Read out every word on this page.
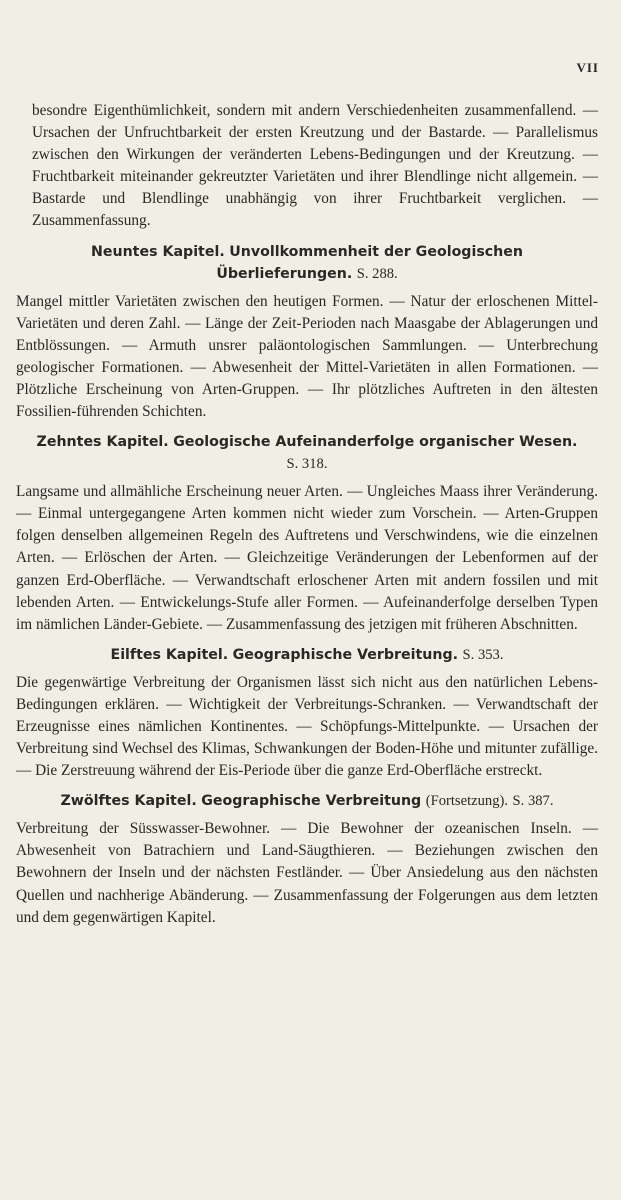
VII

besondre Eigenthümlichkeit, sondern mit andern Verschiedenheiten zusammenfallend. — Ursachen der Unfruchtbarkeit der ersten Kreutzung und der Bastarde. — Parallelismus zwischen den Wirkungen der veränderten Lebens-Bedingungen und der Kreutzung. — Fruchtbarkeit miteinander gekreutzter Varietäten und ihrer Blendlinge nicht allgemein. — Bastarde und Blendlinge unabhängig von ihrer Fruchtbarkeit verglichen. — Zusammenfassung.

Neuntes Kapitel. Unvollkommenheit der Geologischen Überlieferungen. S. 288.

Mangel mittler Varietäten zwischen den heutigen Formen. — Natur der erloschenen Mittel-Varietäten und deren Zahl. — Länge der Zeit-Perioden nach Maasgabe der Ablagerungen und Entblössungen. — Armuth unsrer paläontologischen Sammlungen. — Unterbrechung geologischer Formationen. — Abwesenheit der Mittel-Varietäten in allen Formationen. — Plötzliche Erscheinung von Arten-Gruppen. — Ihr plötzliches Auftreten in den ältesten Fossilien-führenden Schichten.

Zehntes Kapitel. Geologische Aufeinanderfolge organischer Wesen. S. 318.

Langsame und allmähliche Erscheinung neuer Arten. — Ungleiches Maass ihrer Veränderung. — Einmal untergegangene Arten kommen nicht wieder zum Vorschein. — Arten-Gruppen folgen denselben allgemeinen Regeln des Auftretens und Verschwindens, wie die einzelnen Arten. — Erlöschen der Arten. — Gleichzeitige Veränderungen der Lebenformen auf der ganzen Erd-Oberfläche. — Verwandtschaft erloschener Arten mit andern fossilen und mit lebenden Arten. — Entwickelungs-Stufe aller Formen. — Aufeinanderfolge derselben Typen im nämlichen Länder-Gebiete. — Zusammenfassung des jetzigen mit früheren Abschnitten.

Eilftes Kapitel. Geographische Verbreitung. S. 353.

Die gegenwärtige Verbreitung der Organismen lässt sich nicht aus den natürlichen Lebens-Bedingungen erklären. — Wichtigkeit der Verbreitungs-Schranken. — Verwandtschaft der Erzeugnisse eines nämlichen Kontinentes. — Schöpfungs-Mittelpunkte. — Ursachen der Verbreitung sind Wechsel des Klimas, Schwankungen der Boden-Höhe und mitunter zufällige. — Die Zerstreuung während der Eis-Periode über die ganze Erd-Oberfläche erstreckt.

Zwölftes Kapitel. Geographische Verbreitung (Fortsetzung). S. 387.

Verbreitung der Süsswasser-Bewohner. — Die Bewohner der ozeanischen Inseln. — Abwesenheit von Batrachiern und Land-Säugthieren. — Beziehungen zwischen den Bewohnern der Inseln und der nächsten Festländer. — Über Ansiedelung aus den nächsten Quellen und nachherige Abänderung. — Zusammenfassung der Folgerungen aus dem letzten und dem gegenwärtigen Kapitel.
